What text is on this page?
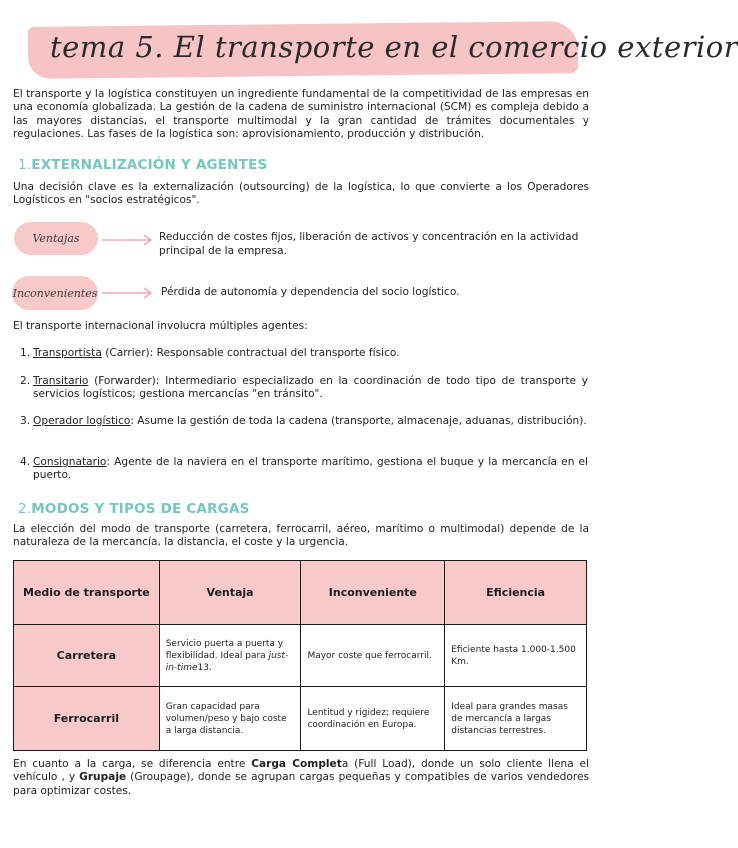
tema 5. El transporte en el comercio exterior
El transporte y la logística constituyen un ingrediente fundamental de la competitividad de las empresas en una economía globalizada. La gestión de la cadena de suministro internacional (SCM) es compleja debido a las mayores distancias, el transporte multimodal y la gran cantidad de trámites documentales y regulaciones. Las fases de la logística son: aprovisionamiento, producción y distribución.
1.EXTERNALIZACIÓN Y AGENTES
Una decisión clave es la externalización (outsourcing) de la logística, lo que convierte a los Operadores Logísticos en "socios estratégicos".
Ventajas	Reducción de costes fijos, liberación de activos y concentración en la actividad principal de la empresa.
Inconvenientes	Pérdida de autonomía y dependencia del socio logístico.
El transporte internacional involucra múltiples agentes:
1. Transportista (Carrier): Responsable contractual del transporte físico.
2. Transitario (Forwarder): Intermediario especializado en la coordinación de todo tipo de transporte y servicios logísticos; gestiona mercancías "en tránsito".
3. Operador logístico: Asume la gestión de toda la cadena (transporte, almacenaje, aduanas, distribución).
4. Consignatario: Agente de la naviera en el transporte marítimo, gestiona el buque y la mercancía en el puerto.
2.MODOS Y TIPOS DE CARGAS
La elección del modo de transporte (carretera, ferrocarril, aéreo, marítimo o multimodal) depende de la naturaleza de la mercancía, la distancia, el coste y la urgencia.
Medio de transporte	Ventaja	Inconveniente	Eficiencia
Carretera	Servicio puerta a puerta y flexibilidad. Ideal para just-in-time13.	Mayor coste que ferrocarril.	Eficiente hasta 1.000-1.500 Km.
Ferrocarril	Gran capacidad para volumen/peso y bajo coste a larga distancia.	Lentitud y rigidez; requiere coordinación en Europa.	Ideal para grandes masas de mercancía a largas distancias terrestres.
En cuanto a la carga, se diferencia entre Carga Completa (Full Load), donde un solo cliente llena el vehículo , y Grupaje (Groupage), donde se agrupan cargas pequeñas y compatibles de varios vendedores para optimizar costes.
